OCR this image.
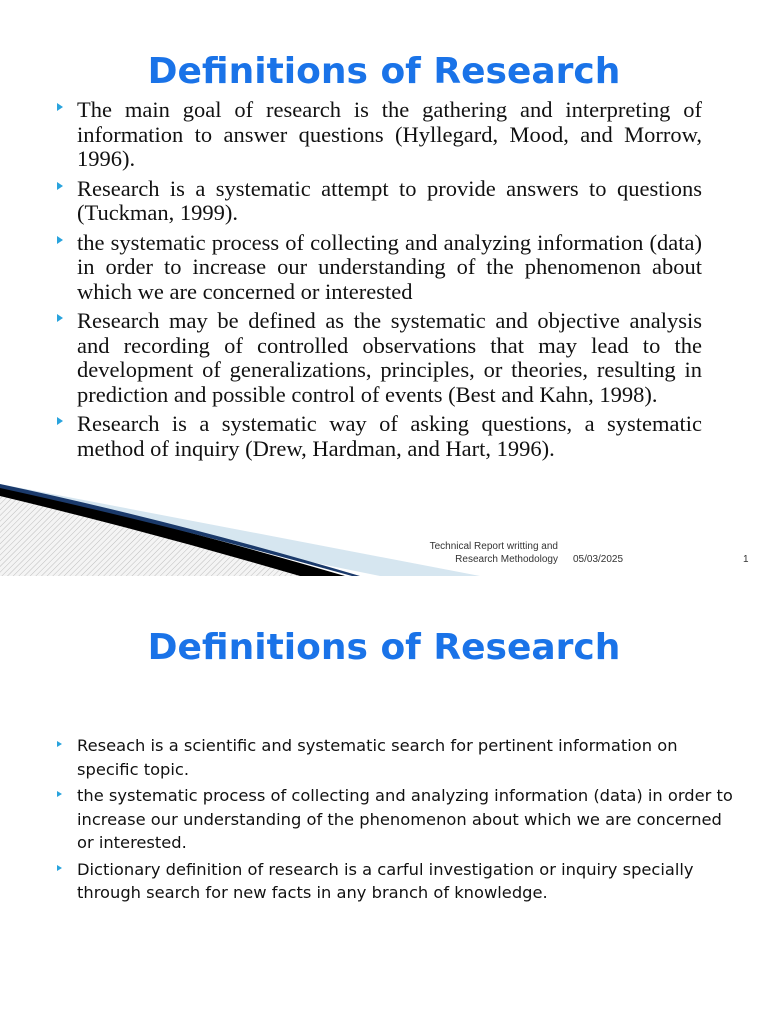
Definitions of Research
The main goal of research is the gathering and interpreting of information to answer questions (Hyllegard, Mood, and Morrow, 1996).
Research is a systematic attempt to provide answers to questions (Tuckman, 1999).
the systematic process of collecting and analyzing information (data) in order to increase our understanding of the phenomenon about which we are concerned or interested
Research may be defined as the systematic and objective analysis and recording of controlled observations that may lead to the development of generalizations, principles, or theories, resulting in prediction and possible control of events (Best and Kahn, 1998).
Research is a systematic way of asking questions, a systematic method of inquiry (Drew, Hardman, and Hart, 1996).
Technical Report writting and
Research Methodology 05/03/2025	1
Definitions of Research
Reseach is a scientific and systematic search for pertinent information on specific topic.
the systematic process of collecting and analyzing information (data) in order to increase our understanding of the phenomenon about which we are concerned or interested.
Dictionary definition of research is a carful investigation or inquiry specially through search for new facts in any branch of knowledge.
